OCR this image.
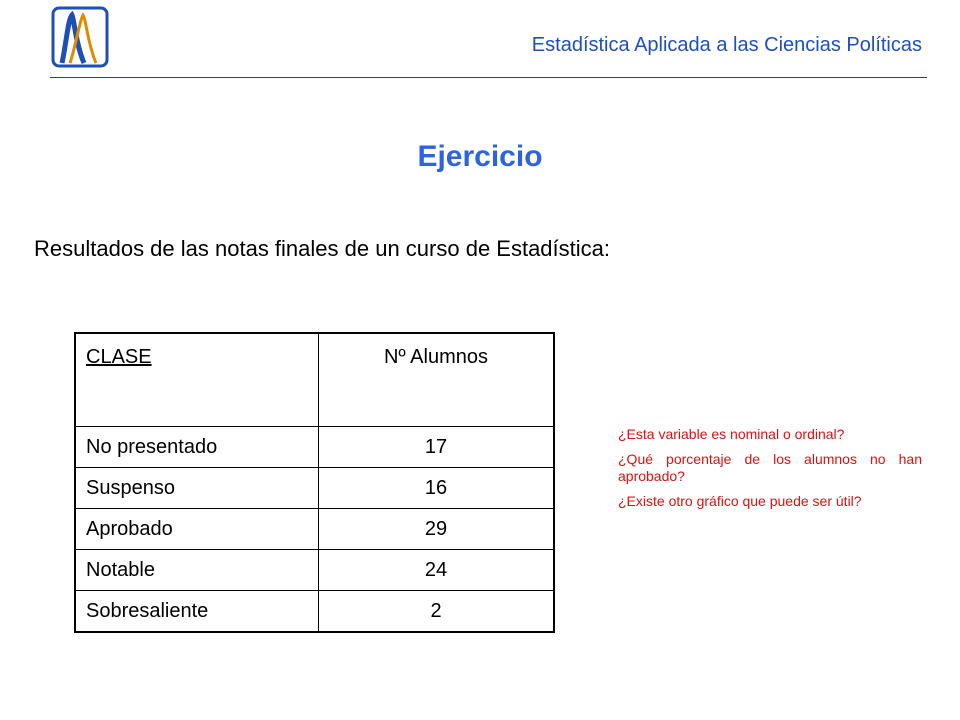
Estadística Aplicada a las Ciencias Políticas
Ejercicio
Resultados de las notas finales de un curso de Estadística:
CLASE	Nº Alumnos
No presentado	17
Suspenso	16
Aprobado	29
Notable	24
Sobresaliente	2

¿Esta variable es nominal o ordinal?

¿Qué porcentaje de los alumnos no han aprobado?

¿Existe otro gráfico que puede ser útil?
